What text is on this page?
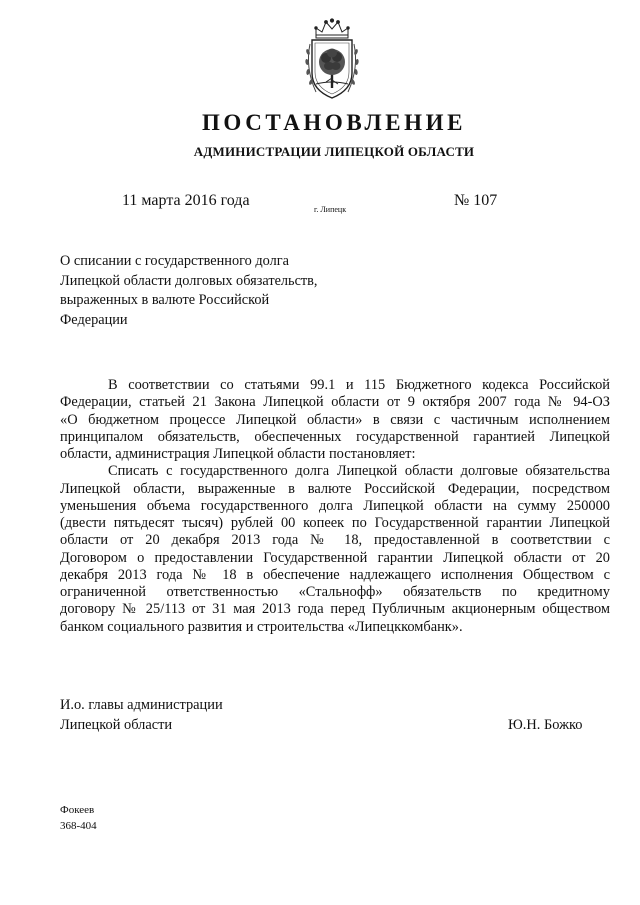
ПОСТАНОВЛЕНИЕ
АДМИНИСТРАЦИИ ЛИПЕЦКОЙ ОБЛАСТИ
11 марта 2016 года
г. Липецк
№ 107
О списании с государственного долга
Липецкой области долговых обязательств,
выраженных в валюте Российской
Федерации
В соответствии со статьями 99.1 и 115 Бюджетного кодекса Российской
Федерации, статьей 21 Закона Липецкой области от 9 октября 2007 года № 94-ОЗ
«О бюджетном процессе Липецкой области» в связи с частичным исполнением
принципалом обязательств, обеспеченных государственной гарантией Липецкой
области, администрация Липецкой области постановляет:
Списать с государственного долга Липецкой области долговые обязательства
Липецкой области, выраженные в валюте Российской Федерации, посредством
уменьшения объема государственного долга Липецкой области на сумму 250000
(двести пятьдесят тысяч) рублей 00 копеек по Государственной гарантии Липецкой
области от 20 декабря 2013 года № 18, предоставленной в соответствии с
Договором о предоставлении Государственной гарантии Липецкой области от 20
декабря 2013 года № 18 в обеспечение надлежащего исполнения Обществом с
ограниченной ответственностью «Стальнофф» обязательств по кредитному
договору № 25/113 от 31 мая 2013 года перед Публичным акционерным обществом
банком социального развития и строительства «Липецккомбанк».
И.о. главы администрации
Липецкой области	Ю.Н. Божко
Фокеев
368-404
